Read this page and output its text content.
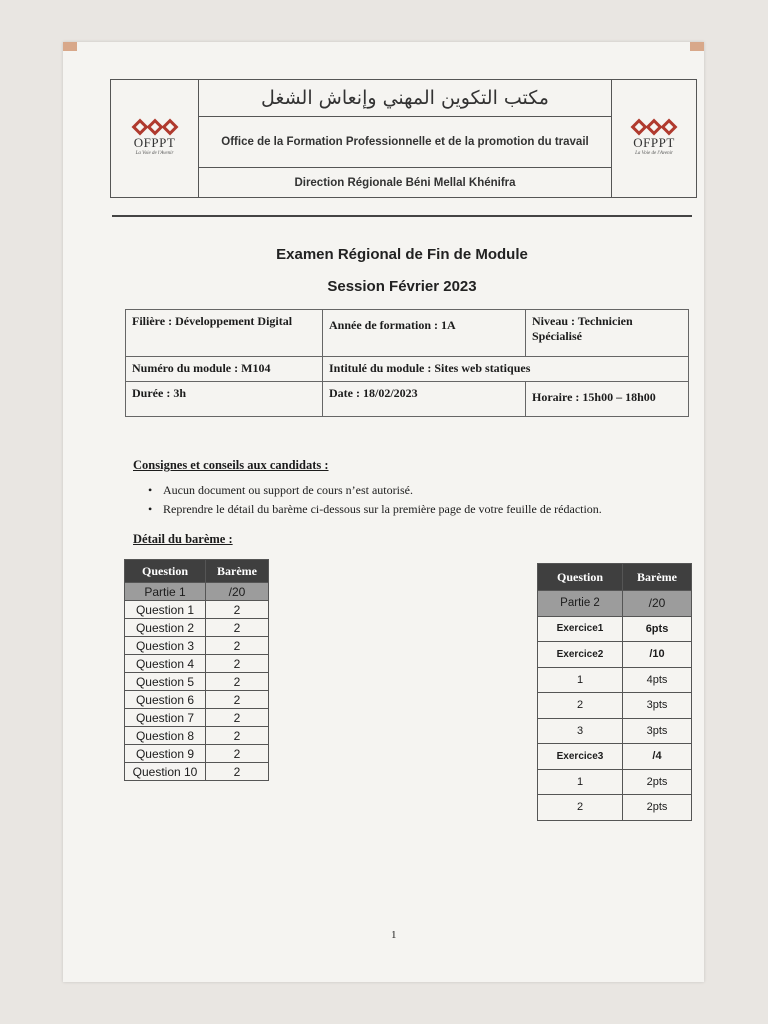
OFPPT
La Voie de l'Avenir
مكتب التكوين المهني وإنعاش الشغل
Office de la Formation Professionnelle et de la promotion du travail
Direction Régionale Béni Mellal Khénifra
OFPPT
La Voie de l'Avenir
Examen Régional de Fin de Module
Session Février 2023
Filière : Développement Digital	Année de formation : 1A	Niveau : Technicien Spécialisé
Numéro du module : M104	Intitulé du module : Sites web statiques	
Durée : 3h	Date : 18/02/2023	Horaire : 15h00 – 18h00
Consignes et conseils aux candidats :
• Aucun document ou support de cours n’est autorisé.
• Reprendre le détail du barème ci-dessous sur la première page de votre feuille de rédaction.
Détail du barème :
Question	Barème
Partie 1	/20
Question 1	2
Question 2	2
Question 3	2
Question 4	2
Question 5	2
Question 6	2
Question 7	2
Question 8	2
Question 9	2
Question 10	2
Question	Barème
Partie 2	/20
Exercice1	6pts
Exercice2	/10
1	4pts
2	3pts
3	3pts
Exercice3	/4
1	2pts
2	2pts
1
